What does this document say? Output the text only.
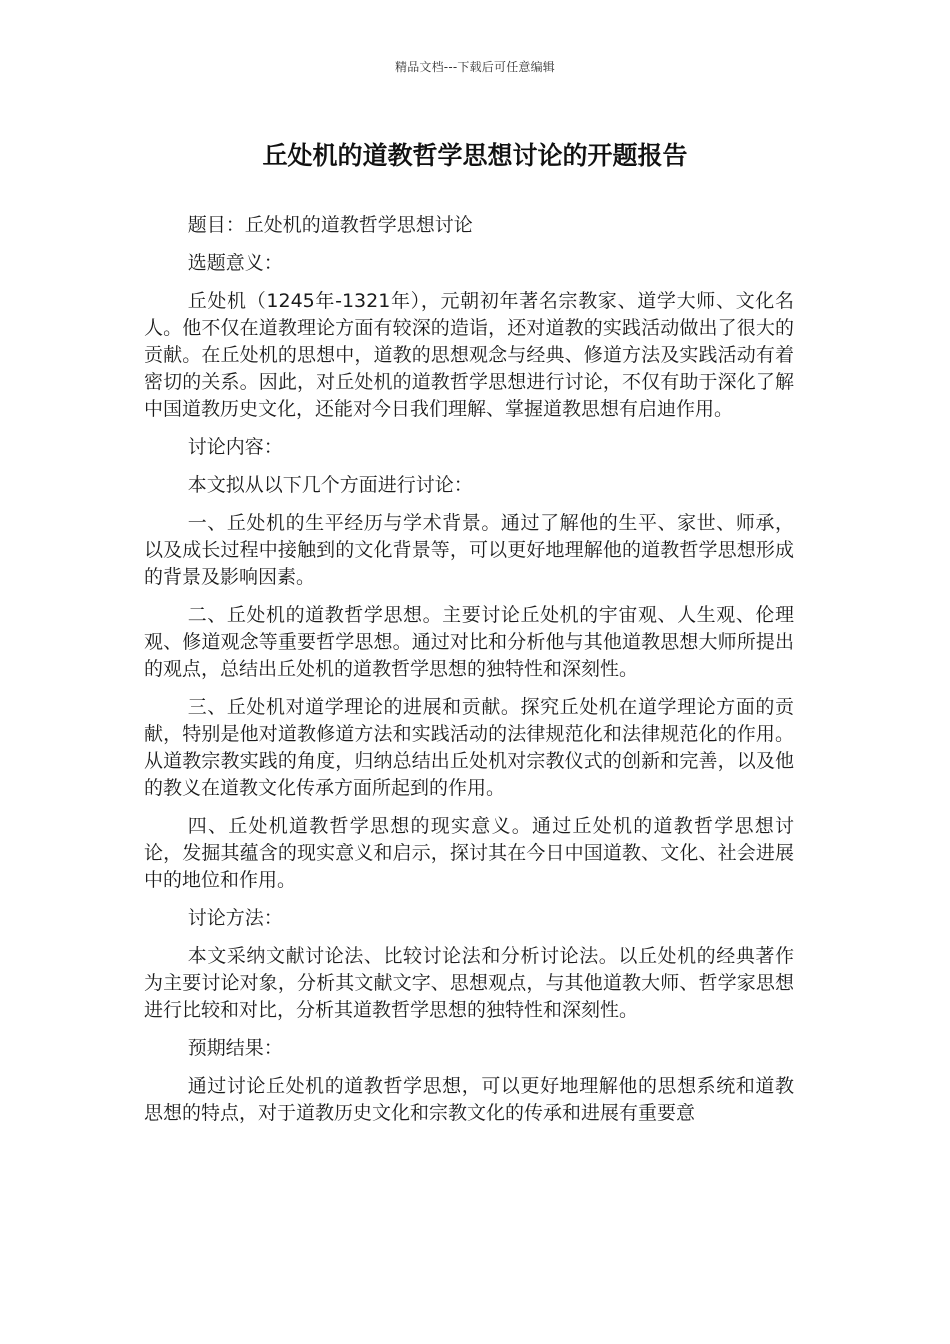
精品文档---下载后可任意编辑
丘处机的道教哲学思想讨论的开题报告

题目：丘处机的道教哲学思想讨论

选题意义：

丘处机（1245年-1321年），元朝初年著名宗教家、道学大师、文化名人。他不仅在道教理论方面有较深的造诣，还对道教的实践活动做出了很大的贡献。在丘处机的思想中，道教的思想观念与经典、修道方法及实践活动有着密切的关系。因此，对丘处机的道教哲学思想进行讨论，不仅有助于深化了解中国道教历史文化，还能对今日我们理解、掌握道教思想有启迪作用。

讨论内容：

本文拟从以下几个方面进行讨论：

一、丘处机的生平经历与学术背景。通过了解他的生平、家世、师承，以及成长过程中接触到的文化背景等，可以更好地理解他的道教哲学思想形成的背景及影响因素。

二、丘处机的道教哲学思想。主要讨论丘处机的宇宙观、人生观、伦理观、修道观念等重要哲学思想。通过对比和分析他与其他道教思想大师所提出的观点，总结出丘处机的道教哲学思想的独特性和深刻性。

三、丘处机对道学理论的进展和贡献。探究丘处机在道学理论方面的贡献，特别是他对道教修道方法和实践活动的法律规范化和法律规范化的作用。从道教宗教实践的角度，归纳总结出丘处机对宗教仪式的创新和完善，以及他的教义在道教文化传承方面所起到的作用。

四、丘处机道教哲学思想的现实意义。通过丘处机的道教哲学思想讨论，发掘其蕴含的现实意义和启示，探讨其在今日中国道教、文化、社会进展中的地位和作用。

讨论方法：

本文采纳文献讨论法、比较讨论法和分析讨论法。以丘处机的经典著作为主要讨论对象，分析其文献文字、思想观点，与其他道教大师、哲学家思想进行比较和对比，分析其道教哲学思想的独特性和深刻性。

预期结果：

通过讨论丘处机的道教哲学思想，可以更好地理解他的思想系统和道教思想的特点，对于道教历史文化和宗教文化的传承和进展有重要意
